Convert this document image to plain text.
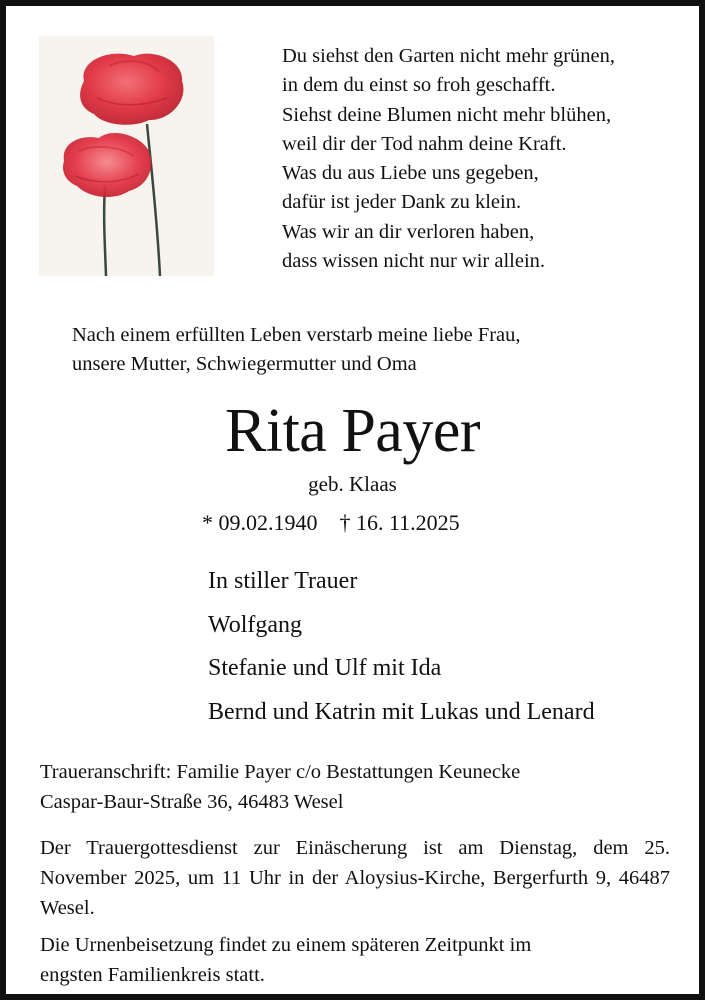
Du siehst den Garten nicht mehr grünen,
in dem du einst so froh geschafft.
Siehst deine Blumen nicht mehr blühen,
weil dir der Tod nahm deine Kraft.
Was du aus Liebe uns gegeben,
dafür ist jeder Dank zu klein.
Was wir an dir verloren haben,
dass wissen nicht nur wir allein.
Nach einem erfüllten Leben verstarb meine liebe Frau,
unsere Mutter, Schwiegermutter und Oma
Rita Payer
geb. Klaas
* 09.02.1940 † 16. 11.2025
In stiller Trauer
Wolfgang
Stefanie und Ulf mit Ida
Bernd und Katrin mit Lukas und Lenard
Traueranschrift: Familie Payer c/o Bestattungen Keunecke
Caspar-Baur-Straße 36, 46483 Wesel
Der Trauergottesdienst zur Einäscherung ist am Dienstag, dem 25. November 2025, um 11 Uhr in der Aloysius-Kirche, Bergerfurth 9, 46487 Wesel.
Die Urnenbeisetzung findet zu einem späteren Zeitpunkt im
engsten Familienkreis statt.
